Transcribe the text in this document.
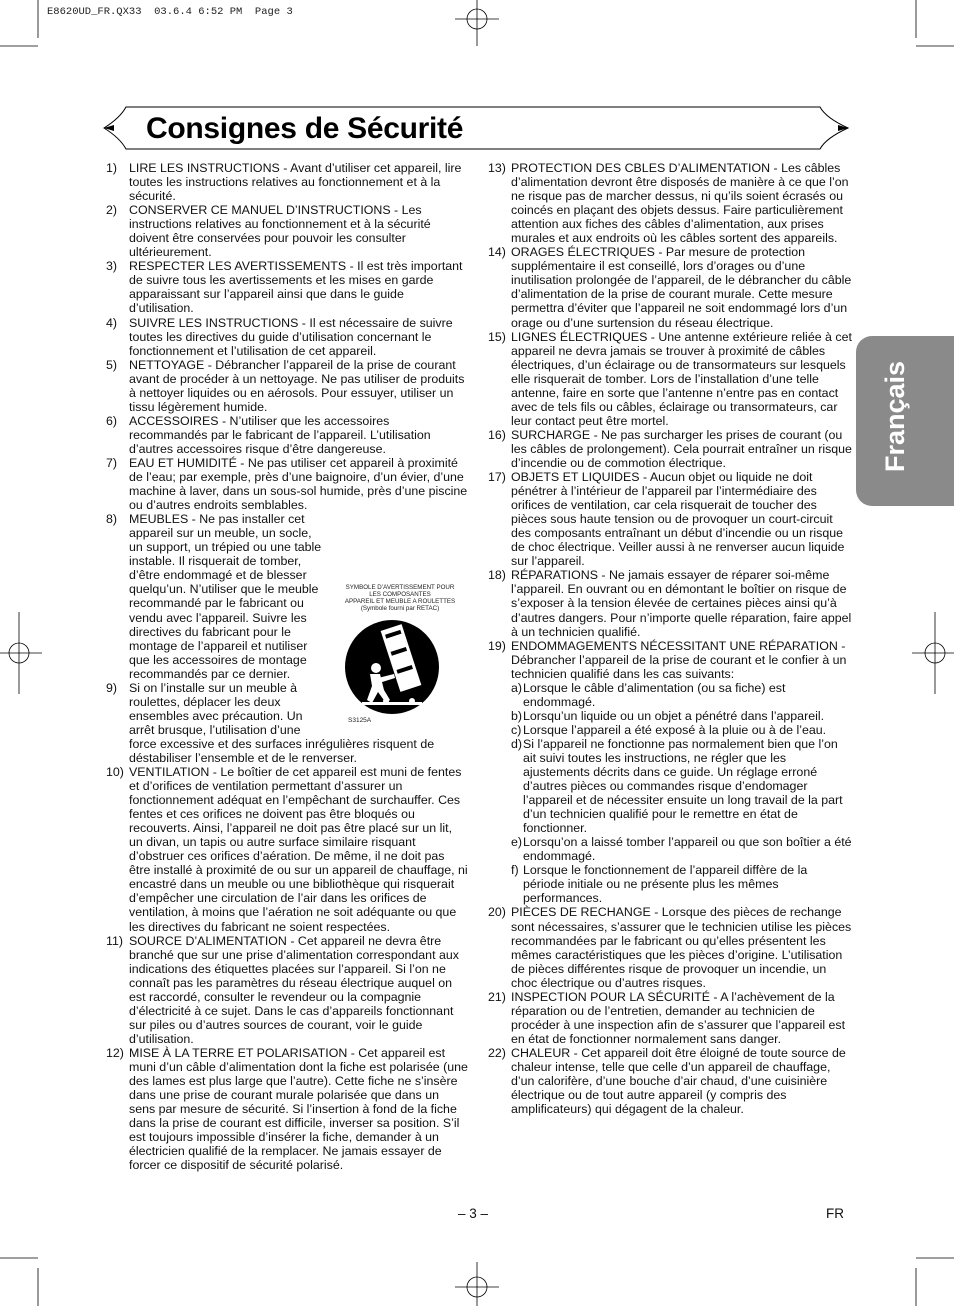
E8620UD_FR.QX33  03.6.4 6:52 PM  Page 3
Consignes de Sécurité
Français
1) LIRE LES INSTRUCTIONS - Avant d’utiliser cet appareil, lire toutes les instructions relatives au fonctionnement et à la sécurité.
2) CONSERVER CE MANUEL D’INSTRUCTIONS - Les instructions relatives au fonctionnement et à la sécurité doivent être conservées pour pouvoir les consulter ultérieurement.
3) RESPECTER LES AVERTISSEMENTS - Il est très important de suivre tous les avertissements et les mises en garde apparaissant sur l’appareil ainsi que dans le guide d’utilisation.
4) SUIVRE LES INSTRUCTIONS - Il est nécessaire de suivre toutes les directives du guide d’utilisation concernant le fonctionnement et l’utilisation de cet appareil.
5) NETTOYAGE - Débrancher l’appareil de la prise de courant avant de procéder à un nettoyage. Ne pas utiliser de produits à nettoyer liquides ou en aérosols. Pour essuyer, utiliser un tissu légèrement humide.
6) ACCESSOIRES - N’utiliser que les accessoires recommandés par le fabricant de l’appareil. L’utilisation d’autres accessoires risque d’être dangereuse.
7) EAU ET HUMIDITÉ - Ne pas utiliser cet appareil à proximité de l’eau; par exemple, près d’une baignoire, d’un évier, d’une machine à laver, dans un sous-sol humide, près d’une piscine ou d’autres endroits semblables.
8)
SYMBOLE D’AVERTISSEMENT POUR
LES COMPOSANTES
APPAREIL ET MEUBLE A ROULETTES
(Symbole fourni par RETAC)
S3125A
MEUBLES - Ne pas installer cet appareil sur un meuble, un socle, un support, un trépied ou une table instable. Il risquerait de tomber, d’être endommagé et de blesser quelqu’un. N’utiliser que le meuble recommandé par le fabricant ou vendu avec l’appareil. Suivre les directives du fabricant pour le montage de l’appareil et nutiliser que les accessoires de montage recommandés par ce dernier.
9) Si on l’installe sur un meuble à roulettes, déplacer les deux ensembles avec précaution. Un arrêt brusque, l’utilisation d’une force excessive et des surfaces inrégulières risquent de déstabiliser l’ensemble et de le renverser.
10) VENTILATION - Le boîtier de cet appareil est muni de fentes et d’orifices de ventilation permettant d’assurer un fonctionnement adéquat en l’empêchant de surchauffer. Ces fentes et ces orifices ne doivent pas être bloqués ou recouverts. Ainsi, l’appareil ne doit pas être placé sur un lit, un divan, un tapis ou autre surface similaire risquant d’obstruer ces orifices d’aération. De même, il ne doit pas être installé à proximité de ou sur un appareil de chauffage, ni encastré dans un meuble ou une bibliothèque qui risquerait d’empêcher une circulation de l’air dans les orifices de ventilation, à moins que l’aération ne soit adéquante ou que les directives du fabricant ne soient respectées.
11) SOURCE D’ALIMENTATION - Cet appareil ne devra être branché que sur une prise d’alimentation correspondant aux indications des étiquettes placées sur l’appareil. Si l’on ne connaît pas les paramètres du réseau électrique auquel on est raccordé, consulter le revendeur ou la compagnie d’électricité à ce sujet. Dans le cas d’appareils fonctionnant sur piles ou d’autres sources de courant, voir le guide d’utilisation.
12) MISE À LA TERRE ET POLARISATION - Cet appareil est muni d’un câble d’alimentation dont la fiche est polarisée (une des lames est plus large que l’autre). Cette fiche ne s’insère dans une prise de courant murale polarisée que dans un sens par mesure de sécurité. Si l’insertion à fond de la fiche dans la prise de courant est difficile, inverser sa position. S’il est toujours impossible d’insérer la fiche, demander à un électricien qualifié de la remplacer. Ne jamais essayer de forcer ce dispositif de sécurité polarisé.
13) PROTECTION DES CBLES D’ALIMENTATION - Les câbles d’alimentation devront être disposés de manière à ce que l’on ne risque pas de marcher dessus, ni qu’ils soient écrasés ou coincés en plaçant des objets dessus. Faire particulièrement attention aux fiches des câbles d’alimentation, aux prises murales et aux endroits où les câbles sortent des appareils.
14) ORAGES ÉLECTRIQUES - Par mesure de protection supplémentaire il est conseillé, lors d’orages ou d’une inutilisation prolongée de l’appareil, de le débrancher du câble d’alimentation de la prise de courant murale. Cette mesure permettra d’éviter que l’appareil ne soit endommagé lors d’un orage ou d’une surtension du réseau électrique.
15) LIGNES ÉLECTRIQUES - Une antenne extérieure reliée à cet appareil ne devra jamais se trouver à proximité de câbles électriques, d’un éclairage ou de transormateurs sur lesquels elle risquerait de tomber. Lors de l’installation d’une telle antenne, faire en sorte que l’antenne n’entre pas en contact avec de tels fils ou câbles, éclairage ou transormateurs, car leur contact peut être mortel.
16) SURCHARGE - Ne pas surcharger les prises de courant (ou les câbles de prolongement). Cela pourrait entraîner un risque d’incendie ou de commotion électrique.
17) OBJETS ET LIQUIDES - Aucun objet ou liquide ne doit pénétrer à l’intérieur de l’appareil par l’intermédiaire des orifices de ventilation, car cela risquerait de toucher des pièces sous haute tension ou de provoquer un court-circuit des composants entraînant un début d’incendie ou un risque de choc électrique. Veiller aussi à ne renverser aucun liquide sur l’appareil.
18) RÉPARATIONS - Ne jamais essayer de réparer soi-même l’appareil. En ouvrant ou en démontant le boîtier on risque de s’exposer à la tension élevée de certaines pièces ainsi qu’à d’autres dangers. Pour n’importe quelle réparation, faire appel à un technicien qualifié.
19) ENDOMMAGEMENTS NÉCESSITANT UNE RÉPARATION - Débrancher l’appareil de la prise de courant et le confier à un technicien qualifié dans les cas suivants:
a) Lorsque le câble d’alimentation (ou sa fiche) est endommagé.
b) Lorsqu’un liquide ou un objet a pénétré dans l’appareil.
c) Lorsque l’appareil a été exposé à la pluie ou à de l’eau.
d) Si l’appareil ne fonctionne pas normalement bien que l’on ait suivi toutes les instructions, ne régler que les ajustements décrits dans ce guide. Un réglage erroné d’autres pièces ou commandes risque d’endomager l’appareil et de nécessiter ensuite un long travail de la part d’un technicien qualifié pour le remettre en état de fonctionner.
e) Lorsqu’on a laissé tomber l’appareil ou que son boîtier a été endommagé.
f) Lorsque le fonctionnement de l’appareil diffère de la période initiale ou ne présente plus les mêmes performances.
20) PIÈCES DE RECHANGE - Lorsque des pièces de rechange sont nécessaires, s’assurer que le technicien utilise les pièces recommandées par le fabricant ou qu’elles présentent les mêmes caractéristiques que les pièces d’origine. L’utilisation de pièces différentes risque de provoquer un incendie, un choc électrique ou d’autres risques.
21) INSPECTION POUR LA SÉCURITÉ - A l’achèvement de la réparation ou de l’entretien, demander au technicien de procéder à une inspection afin de s’assurer que l’appareil est en état de fonctionner normalement sans danger.
22) CHALEUR - Cet appareil doit être éloigné de toute source de chaleur intense, telle que celle d’un appareil de chauffage, d’un calorifère, d’une bouche d’air chaud, d’une cuisinière électrique ou de tout autre appareil (y compris des amplificateurs) qui dégagent de la chaleur.
– 3 –	FR
